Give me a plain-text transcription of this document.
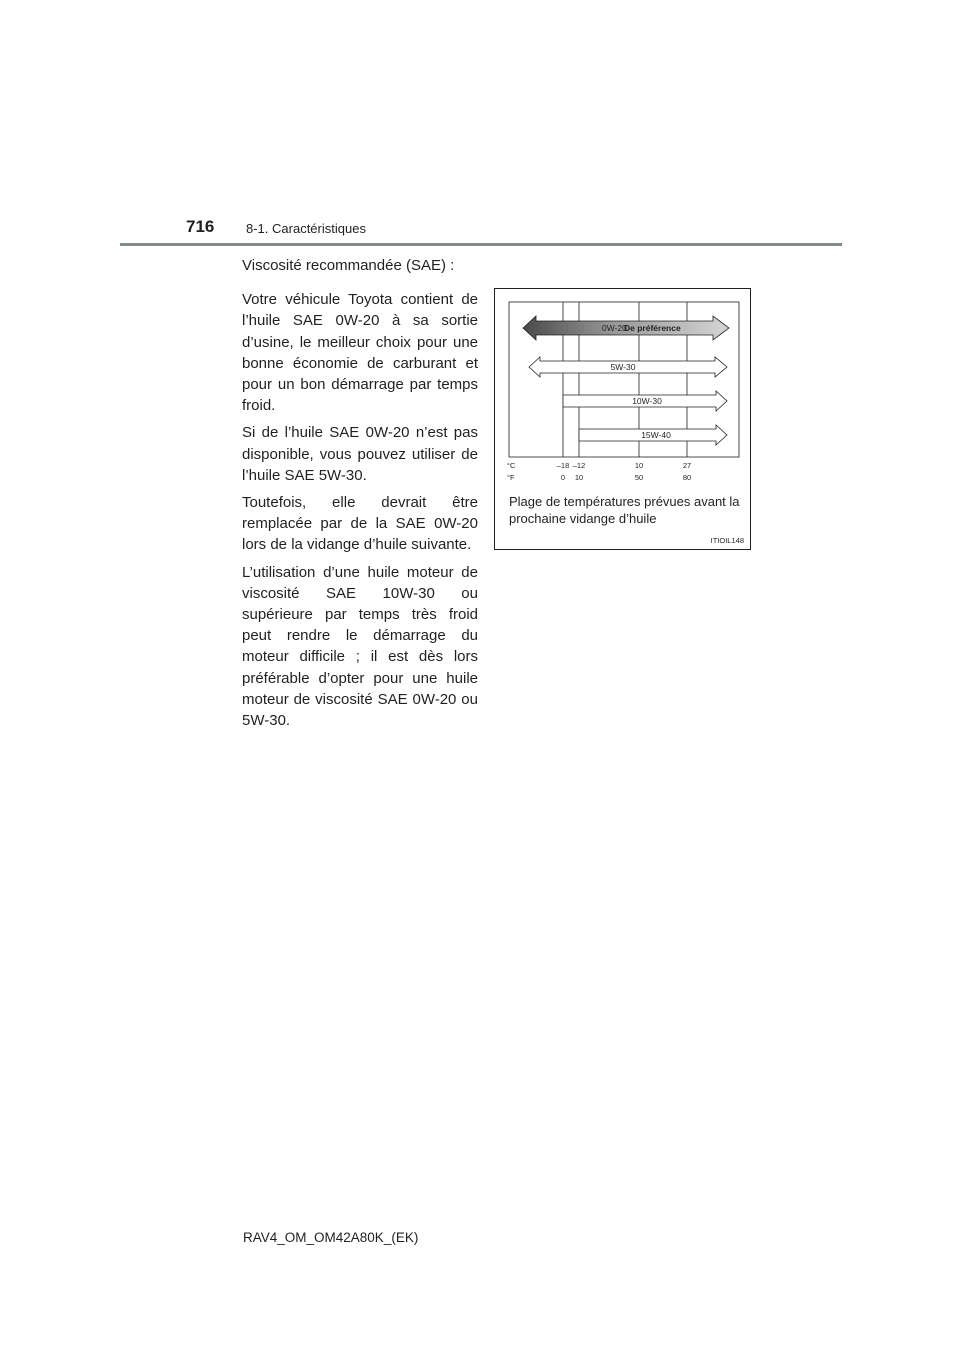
716 8-1. Caractéristiques

Viscosité recommandée (SAE) :

Votre véhicule Toyota contient de l’huile SAE 0W-20 à sa sortie d’usine, le meilleur choix pour une bonne économie de carburant et pour un bon démarrage par temps froid.

Si de l’huile SAE 0W-20 n’est pas disponible, vous pouvez utiliser de l’huile SAE 5W-30.

Toutefois, elle devrait être remplacée par de la SAE 0W-20 lors de la vidange d’huile suivante.

L’utilisation d’une huile moteur de viscosité SAE 10W-30 ou supérieure par temps très froid peut rendre le démarrage du moteur difficile ; il est dès lors préférable d’opter pour une huile moteur de viscosité SAE 0W-20 ou 5W-30.

0W-20
De préférence
5W-30
10W-30
15W-40
°C
°F
–18 –12	10	27
0 10	50	80
Plage de températures prévues avant la prochaine vidange d’huile
ITIOIL148
RAV4_OM_OM42A80K_(EK)
